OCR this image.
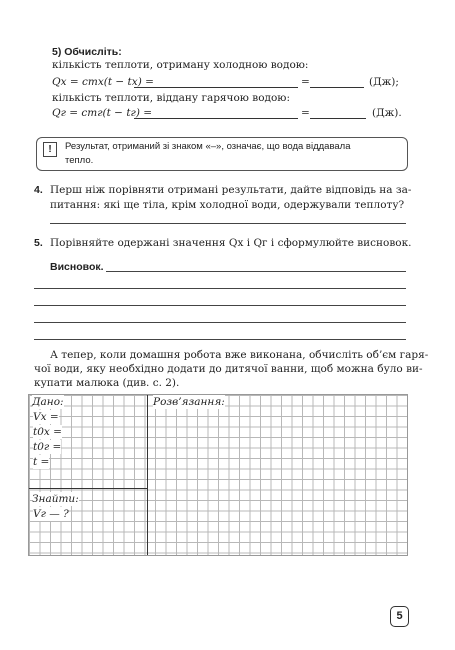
5) Обчисліть:
кількість теплоти, отриману холодною водою:
Qх = cmх(t − tх) =	=	(Дж);
кількість теплоти, віддану гарячою водою:
Qг = cmг(t − tг) =	=	(Дж).
!	Результат, отриманий зі знаком «–», означає, що вода віддавала
тепло.
4. Перш ніж порівняти отримані результати, дайте відповідь на за-
питання: які ще тіла, крім холодної води, одержували теплоту?
5. Порівняйте одержані значення Qх і Qг і сформулюйте висновок.
Висновок.
А тепер, коли домашня робота вже виконана, обчисліть об’єм гаря-
чої води, яку необхідно додати до дитячої ванни, щоб можна було ви-
купати малюка (див. с. 2).
Дано:
Vх =
t0х =
t0г =
t =
Розв’язання:
Знайти:
Vг — ?
5
